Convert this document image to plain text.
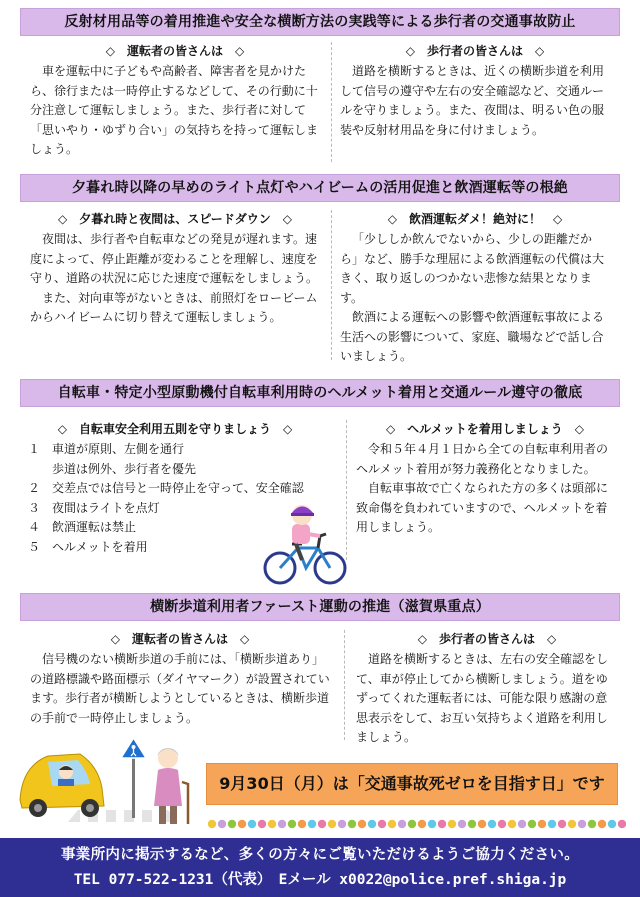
反射材用品等の着用推進や安全な横断方法の実践等による歩行者の交通事故防止
◇　運転者の皆さんは　◇
車を運転中に子どもや高齢者、障害者を見かけたら、徐行または一時停止するなどして、その行動に十分注意して運転しましょう。また、歩行者に対して「思いやり・ゆずり合い」の気持ちを持って運転しましょう。
◇　歩行者の皆さんは　◇
道路を横断するときは、近くの横断歩道を利用して信号の遵守や左右の安全確認など、交通ルールを守りましょう。また、夜間は、明るい色の服装や反射材用品を身に付けましょう。
夕暮れ時以降の早めのライト点灯やハイビームの活用促進と飲酒運転等の根絶
◇　夕暮れ時と夜間は、スピードダウン　◇
夜間は、歩行者や自転車などの発見が遅れます。速度によって、停止距離が変わることを理解し、速度を守り、道路の状況に応じた速度で運転をしましょう。
また、対向車等がないときは、前照灯をロービームからハイビームに切り替えて運転しましょう。
◇　飲酒運転ダメ！絶対に！　◇
「少ししか飲んでないから、少しの距離だから」など、勝手な理屈による飲酒運転の代償は大きく、取り返しのつかない悲惨な結果となります。
飲酒による運転への影響や飲酒運転事故による生活への影響について、家庭、職場などで話し合いましょう。
自転車・特定小型原動機付自転車利用時のヘルメット着用と交通ルール遵守の徹底
◇　自転車安全利用五則を守りましょう　◇
１ 車道が原則、左側を通行
歩道は例外、歩行者を優先
２ 交差点では信号と一時停止を守って、安全確認
３ 夜間はライトを点灯
４ 飲酒運転は禁止
５ ヘルメットを着用
◇　ヘルメットを着用しましょう　◇
令和５年４月１日から全ての自転車利用者のヘルメット着用が努力義務化となりました。
自転車事故で亡くなられた方の多くは頭部に致命傷を負われていますので、ヘルメットを着用しましょう。
横断歩道利用者ファースト運動の推進（滋賀県重点）
◇　運転者の皆さんは　◇
信号機のない横断歩道の手前には、「横断歩道あり」の道路標識や路面標示（ダイヤマーク）が設置されています。歩行者が横断しようとしているときは、横断歩道の手前で一時停止しましょう。
◇　歩行者の皆さんは　◇
道路を横断するときは、左右の安全確認をして、車が停止してから横断しましょう。道をゆずってくれた運転者には、可能な限り感謝の意思表示をして、お互い気持ちよく道路を利用しましょう。
9月30日（月）は「交通事故死ゼロを目指す日」です
事業所内に掲示するなど、多くの方々にご覧いただけるようご協力ください。
TEL 077-522-1231（代表）　Eメール x0022@police.pref.shiga.jp
